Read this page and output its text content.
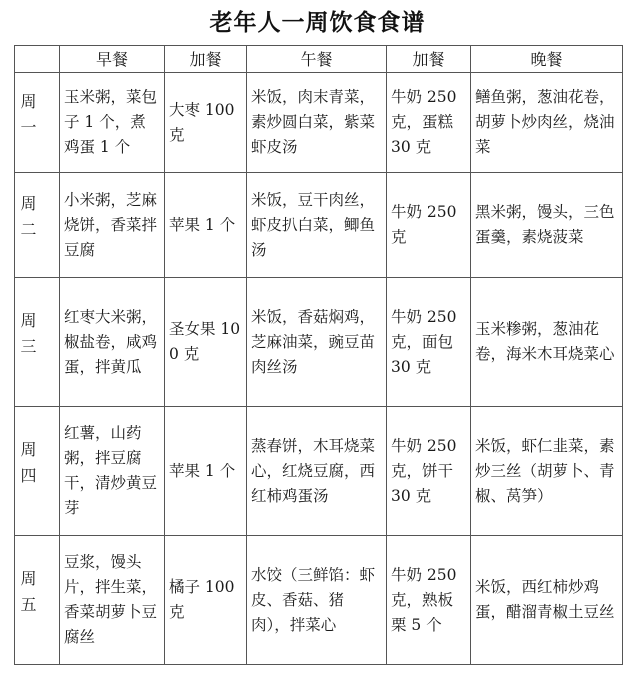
老年人一周饮食食谱
	早餐	加餐	午餐	加餐	晚餐
周一	玉米粥，菜包子 1 个，煮鸡蛋 1 个	大枣 100 克	米饭，肉末青菜，素炒圆白菜，紫菜虾皮汤	牛奶 250 克，蛋糕 30 克	鳝鱼粥，葱油花卷，胡萝卜炒肉丝，烧油菜
周二	小米粥，芝麻烧饼，香菜拌豆腐	苹果 1 个	米饭，豆干肉丝，虾皮扒白菜，鲫鱼汤	牛奶 250 克	黑米粥，馒头，三色蛋羹，素烧菠菜
周三	红枣大米粥，椒盐卷，咸鸡蛋，拌黄瓜	圣女果 100 克	米饭，香菇焖鸡，芝麻油菜，豌豆苗肉丝汤	牛奶 250 克，面包 30 克	玉米糁粥，葱油花卷，海米木耳烧菜心
周四	红薯，山药粥，拌豆腐干，清炒黄豆芽	苹果 1 个	蒸春饼，木耳烧菜心，红烧豆腐，西红柿鸡蛋汤	牛奶 250 克，饼干 30 克	米饭，虾仁韭菜，素炒三丝（胡萝卜、青椒、莴笋）
周五	豆浆，馒头片，拌生菜，香菜胡萝卜豆腐丝	橘子 100 克	水饺（三鲜馅：虾皮、香菇、猪肉），拌菜心	牛奶 250 克，熟板栗 5 个	米饭，西红柿炒鸡蛋，醋溜青椒土豆丝
